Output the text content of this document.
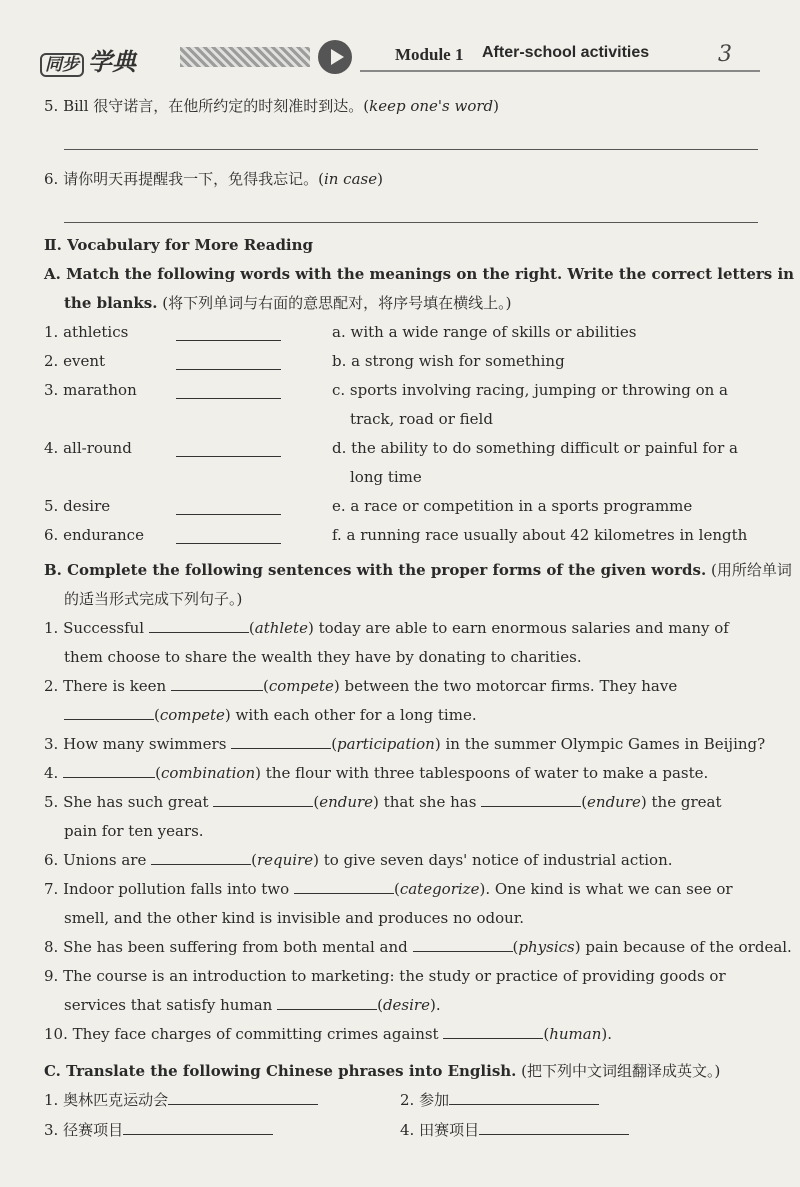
同步 学典	Module 1 After-school activities	3
5. Bill 很守诺言，在他所约定的时刻准时到达。(keep one's word)
6. 请你明天再提醒我一下，免得我忘记。(in case)
Ⅱ. Vocabulary for More Reading
A. Match the following words with the meanings on the right. Write the correct letters in
the blanks. (将下列单词与右面的意思配对，将序号填在横线上。)
1. athletics	a. with a wide range of skills or abilities
2. event	b. a strong wish for something
3. marathon	c. sports involving racing, jumping or throwing on a
track, road or field
4. all-round	d. the ability to do something difficult or painful for a
long time
5. desire	e. a race or competition in a sports programme
6. endurance	f. a running race usually about 42 kilometres in length
B. Complete the following sentences with the proper forms of the given words. (用所给单词
的适当形式完成下列句子。)
1. Successful	(athlete) today are able to earn enormous salaries and many of
them choose to share the wealth they have by donating to charities.
2. There is keen	(compete) between the two motorcar firms. They have
(compete) with each other for a long time.
3. How many swimmers	(participation) in the summer Olympic Games in Beijing?
4.	(combination) the flour with three tablespoons of water to make a paste.
5. She has such great	(endure) that she has	(endure) the great
pain for ten years.
6. Unions are	(require) to give seven days' notice of industrial action.
7. Indoor pollution falls into two	(categorize). One kind is what we can see or
smell, and the other kind is invisible and produces no odour.
8. She has been suffering from both mental and	(physics) pain because of the ordeal.
9. The course is an introduction to marketing: the study or practice of providing goods or
services that satisfy human	(desire).
10. They face charges of committing crimes against	(human).
C. Translate the following Chinese phrases into English. (把下列中文词组翻译成英文。)
1. 奥林匹克运动会	2. 参加
3. 径赛项目	4. 田赛项目
